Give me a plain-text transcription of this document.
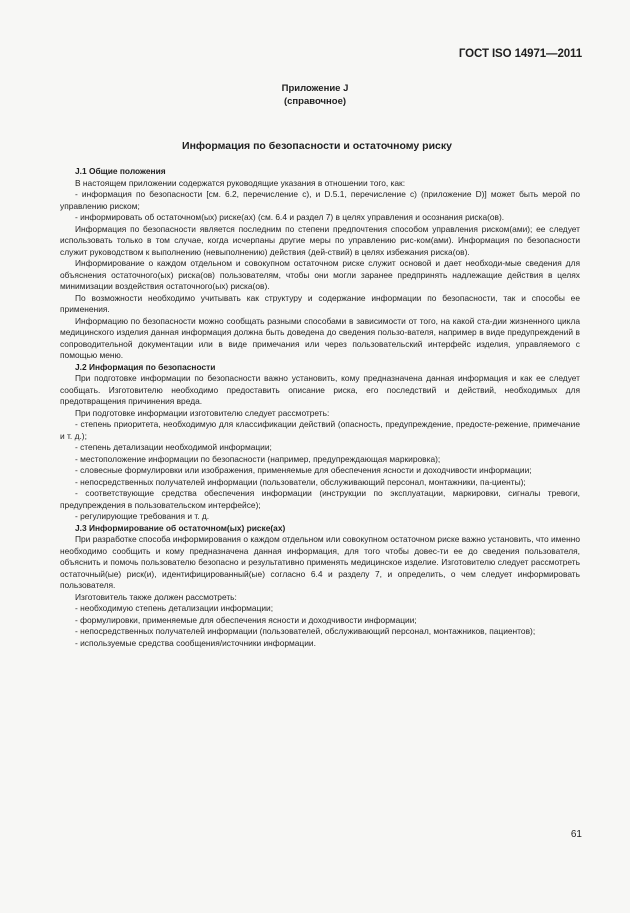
ГОСТ ISO 14971—2011
Приложение J
(справочное)
Информация по безопасности и остаточному риску

J.1 Общие положения

В настоящем приложении содержатся руководящие указания в отношении того, как:

- информация по безопасности [см. 6.2, перечисление с), и D.5.1, перечисление с) (приложение D)] может быть мерой по управлению риском;

- информировать об остаточном(ых) риске(ах) (см. 6.4 и раздел 7) в целях управления и осознания риска(ов).

Информация по безопасности является последним по степени предпочтения способом управления риском(ами); ее следует использовать только в том случае, когда исчерпаны другие меры по управлению рис-ком(ами). Информация по безопасности служит руководством к выполнению (невыполнению) действия (дей-ствий) в целях избежания риска(ов).

Информирование о каждом отдельном и совокупном остаточном риске служит основой и дает необходи-мые сведения для объяснения остаточного(ых) риска(ов) пользователям, чтобы они могли заранее предпринять надлежащие действия в целях минимизации воздействия остаточного(ых) риска(ов).

По возможности необходимо учитывать как структуру и содержание информации по безопасности, так и способы ее применения.

Информацию по безопасности можно сообщать разными способами в зависимости от того, на какой ста-дии жизненного цикла медицинского изделия данная информация должна быть доведена до сведения пользо-вателя, например в виде предупреждений в сопроводительной документации или в виде примечания или через пользовательский интерфейс изделия, управляемого с помощью меню.

J.2 Информация по безопасности

При подготовке информации по безопасности важно установить, кому предназначена данная информация и как ее следует сообщать. Изготовителю необходимо предоставить описание риска, его последствий и действий, необходимых для предотвращения причинения вреда.

При подготовке информации изготовителю следует рассмотреть:

- степень приоритета, необходимую для классификации действий (опасность, предупреждение, предосте-режение, примечание и т. д.);

- степень детализации необходимой информации;

- местоположение информации по безопасности (например, предупреждающая маркировка);

- словесные формулировки или изображения, применяемые для обеспечения ясности и доходчивости информации;

- непосредственных получателей информации (пользователи, обслуживающий персонал, монтажники, па-циенты);

- соответствующие средства обеспечения информации (инструкции по эксплуатации, маркировки, сигналы тревоги, предупреждения в пользовательском интерфейсе);

- регулирующие требования и т. д.

J.3 Информирование об остаточном(ых) риске(ах)

При разработке способа информирования о каждом отдельном или совокупном остаточном риске важно установить, что именно необходимо сообщить и кому предназначена данная информация, для того чтобы довес-ти ее до сведения пользователя, объяснить и помочь пользователю безопасно и результативно применять медицинское изделие. Изготовителю следует рассмотреть остаточный(ые) риск(и), идентифицированный(ые) согласно 6.4 и разделу 7, и определить, о чем следует информировать пользователя.

Изготовитель также должен рассмотреть:

- необходимую степень детализации информации;

- формулировки, применяемые для обеспечения ясности и доходчивости информации;

- непосредственных получателей информации (пользователей, обслуживающий персонал, монтажников, пациентов);

- используемые средства сообщения/источники информации.

61
